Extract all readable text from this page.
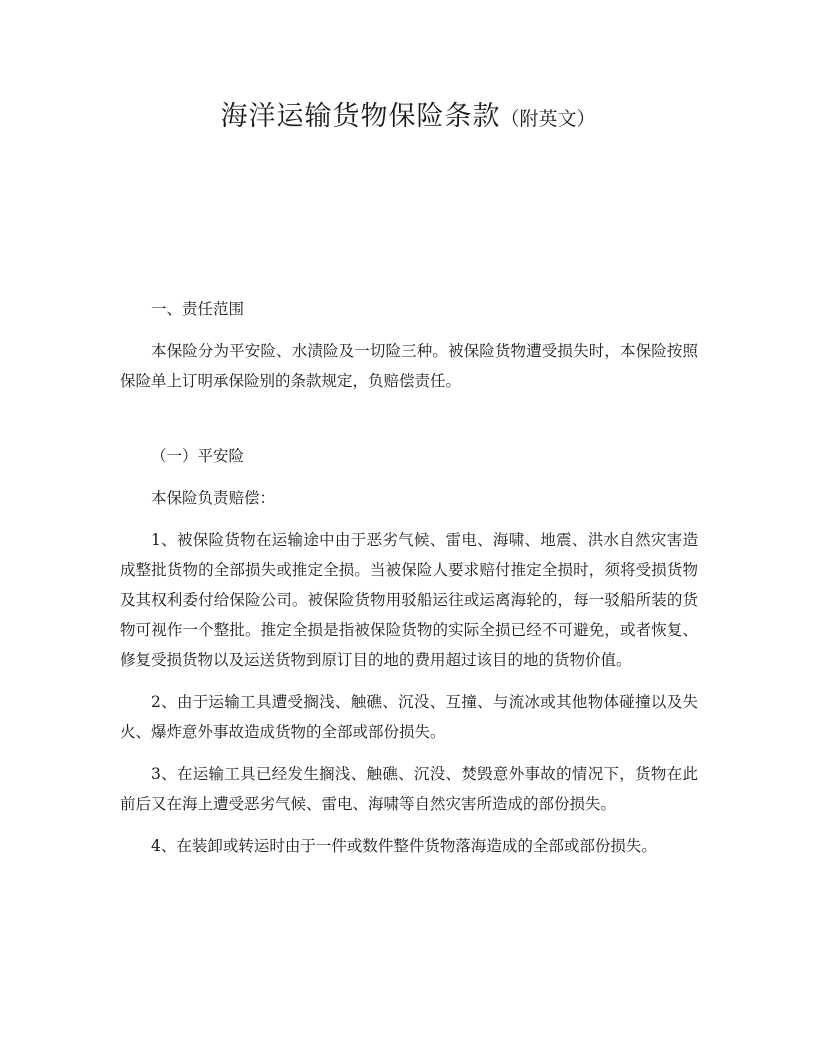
海洋运输货物保险条款（附英文）

一、责任范围

本保险分为平安险、水渍险及一切险三种。被保险货物遭受损失时，本保险按照保险单上订明承保险别的条款规定，负赔偿责任。

（一）平安险

本保险负责赔偿：

1、被保险货物在运输途中由于恶劣气候、雷电、海啸、地震、洪水自然灾害造成整批货物的全部损失或推定全损。当被保险人要求赔付推定全损时，须将受损货物及其权利委付给保险公司。被保险货物用驳船运往或运离海轮的，每一驳船所装的货物可视作一个整批。推定全损是指被保险货物的实际全损已经不可避免，或者恢复、修复受损货物以及运送货物到原订目的地的费用超过该目的地的货物价值。

2、由于运输工具遭受搁浅、触礁、沉没、互撞、与流冰或其他物体碰撞以及失火、爆炸意外事故造成货物的全部或部份损失。

3、在运输工具已经发生搁浅、触礁、沉没、焚毁意外事故的情况下，货物在此前后又在海上遭受恶劣气候、雷电、海啸等自然灾害所造成的部份损失。

4、在装卸或转运时由于一件或数件整件货物落海造成的全部或部份损失。
